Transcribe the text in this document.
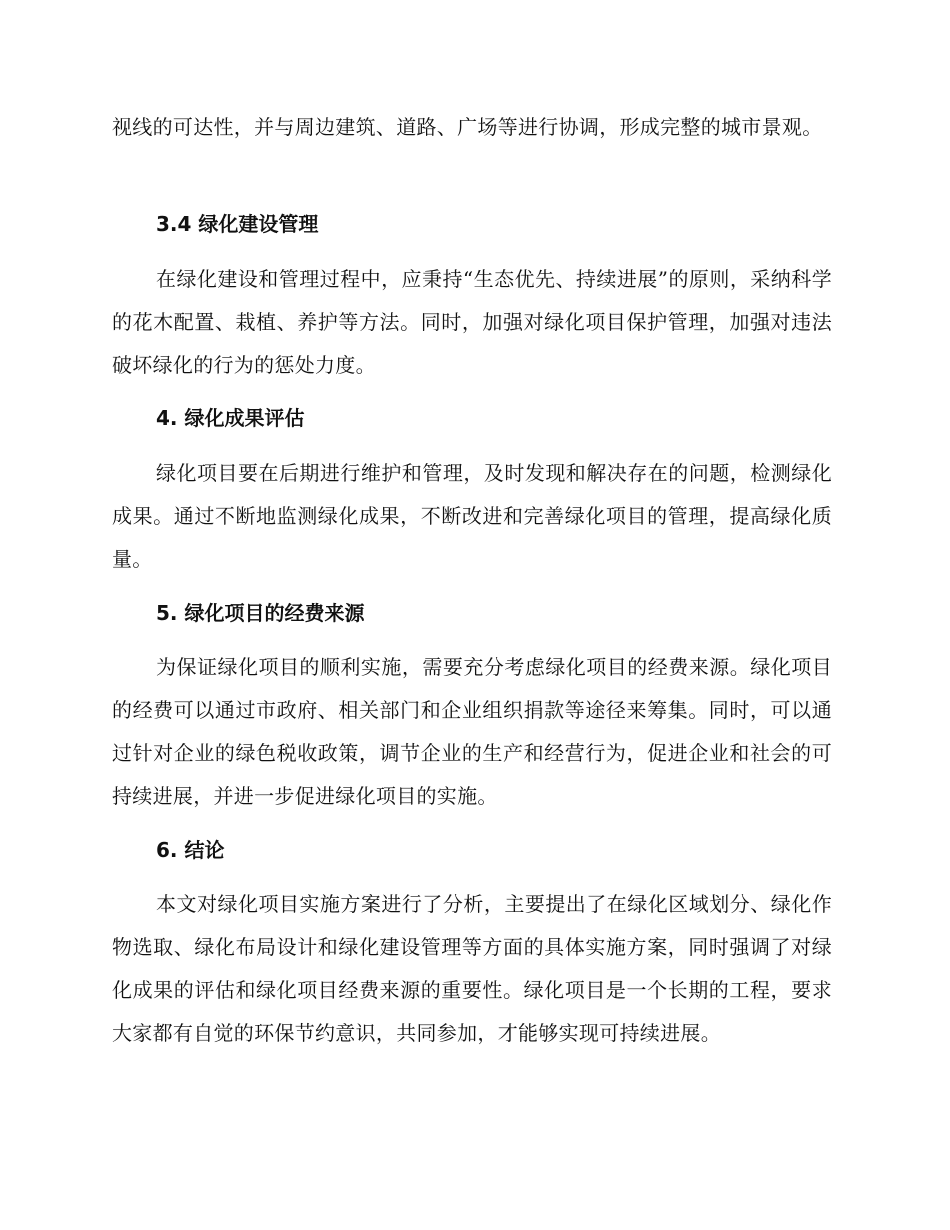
视线的可达性，并与周边建筑、道路、广场等进行协调，形成完整的城市景观。

3.4 绿化建设管理

在绿化建设和管理过程中，应秉持“生态优先、持续进展”的原则，采纳科学的花木配置、栽植、养护等方法。同时，加强对绿化项目保护管理，加强对违法破坏绿化的行为的惩处力度。

4. 绿化成果评估

绿化项目要在后期进行维护和管理，及时发现和解决存在的问题，检测绿化成果。通过不断地监测绿化成果，不断改进和完善绿化项目的管理，提高绿化质量。

5. 绿化项目的经费来源

为保证绿化项目的顺利实施，需要充分考虑绿化项目的经费来源。绿化项目的经费可以通过市政府、相关部门和企业组织捐款等途径来筹集。同时，可以通过针对企业的绿色税收政策，调节企业的生产和经营行为，促进企业和社会的可持续进展，并进一步促进绿化项目的实施。

6. 结论

本文对绿化项目实施方案进行了分析，主要提出了在绿化区域划分、绿化作物选取、绿化布局设计和绿化建设管理等方面的具体实施方案，同时强调了对绿化成果的评估和绿化项目经费来源的重要性。绿化项目是一个长期的工程，要求大家都有自觉的环保节约意识，共同参加，才能够实现可持续进展。
